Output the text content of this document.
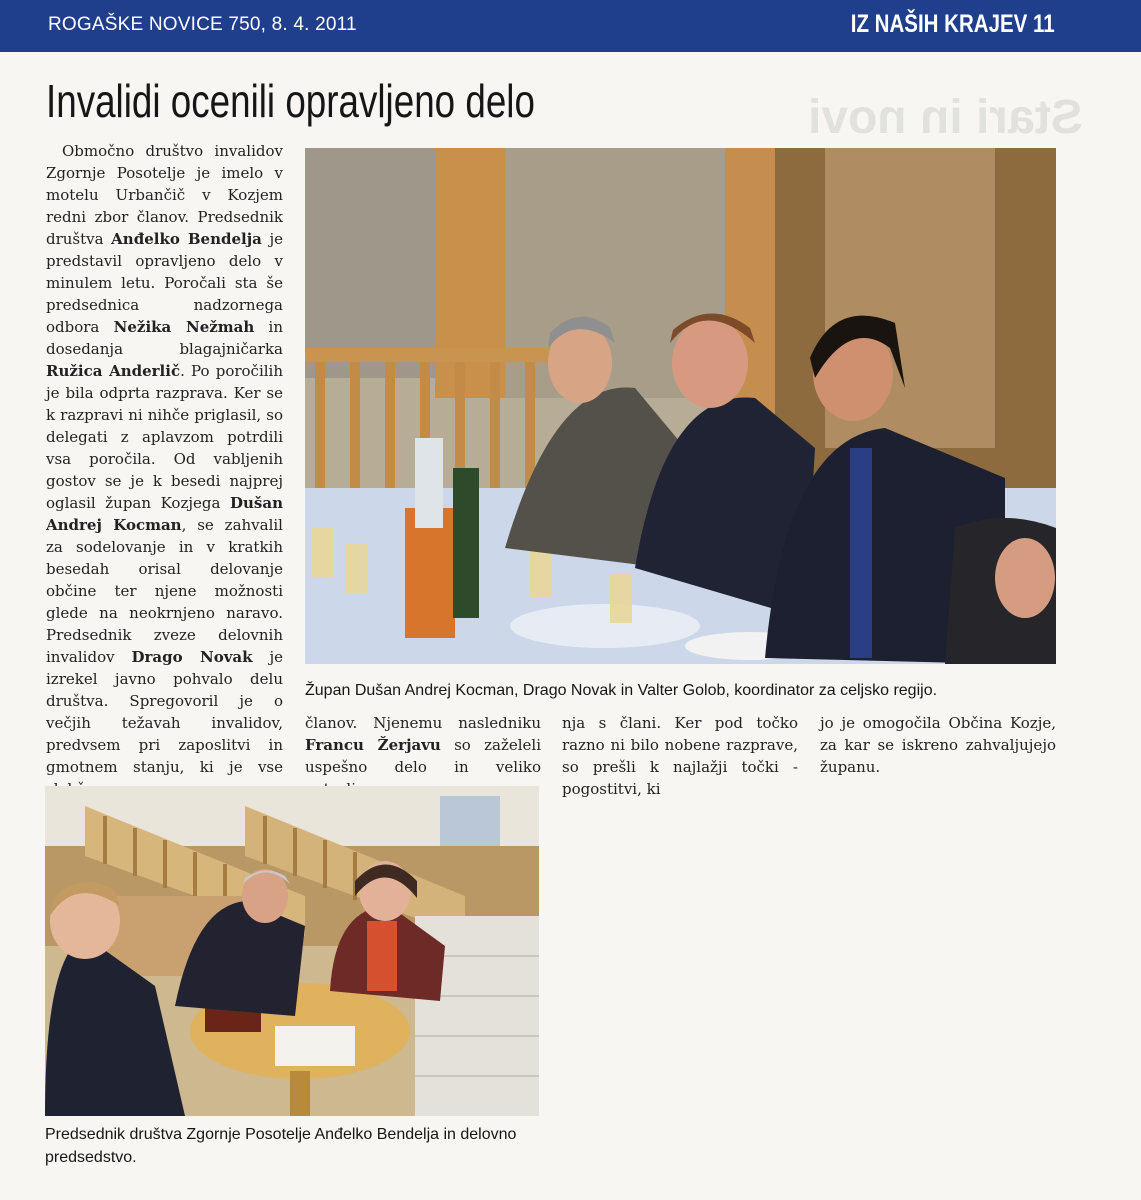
ROGAŠKE NOVICE 750, 8. 4. 2011	IZ NAŠIH KRAJEV 11
Stari in novi
Invalidi ocenili opravljeno delo

Območno društvo invalidov Zgornje Posotelje je imelo v motelu Urbančič v Kozjem redni zbor članov. Predsednik društva Anđelko Bendelja je predstavil opravljeno delo v minulem letu. Poročali sta še predsednica nadzornega odbora Nežika Nežmah in dosedanja blagajničarka Ružica Anderlič. Po poročilih je bila odprta razprava. Ker se k razpravi ni nihče priglasil, so delegati z aplavzom potrdili vsa poročila. Od vabljenih gostov se je k besedi najprej oglasil župan Kozjega Dušan Andrej Kocman, se zahvalil za sodelovanje in v kratkih besedah orisal delovanje občine ter njene možnosti glede na neokrnjeno naravo. Predsednik zveze delovnih invalidov Drago Novak je izrekel javno pohvalo delu društva. Spregovoril je o večjih težavah invalidov, predvsem pri zaposlitvi in gmotnem stanju, ki je vse

Župan Dušan Andrej Kocman, Drago Novak in Valter Golob, koordinator za celjsko regijo.

članov. Njenemu nasledniku Francu Žerjavu so zaželeli uspešno delo in veliko

nja s člani. Ker pod točko razno ni bilo nobene razprave, so prešli k najlažji točki - pogostitvi, ki

jo je omogočila Občina Kozje, za kar se iskreno zahvaljujejo županu.

Predsednik društva Zgornje Posotelje Anđelko Bendelja in delovno predsedstvo.
